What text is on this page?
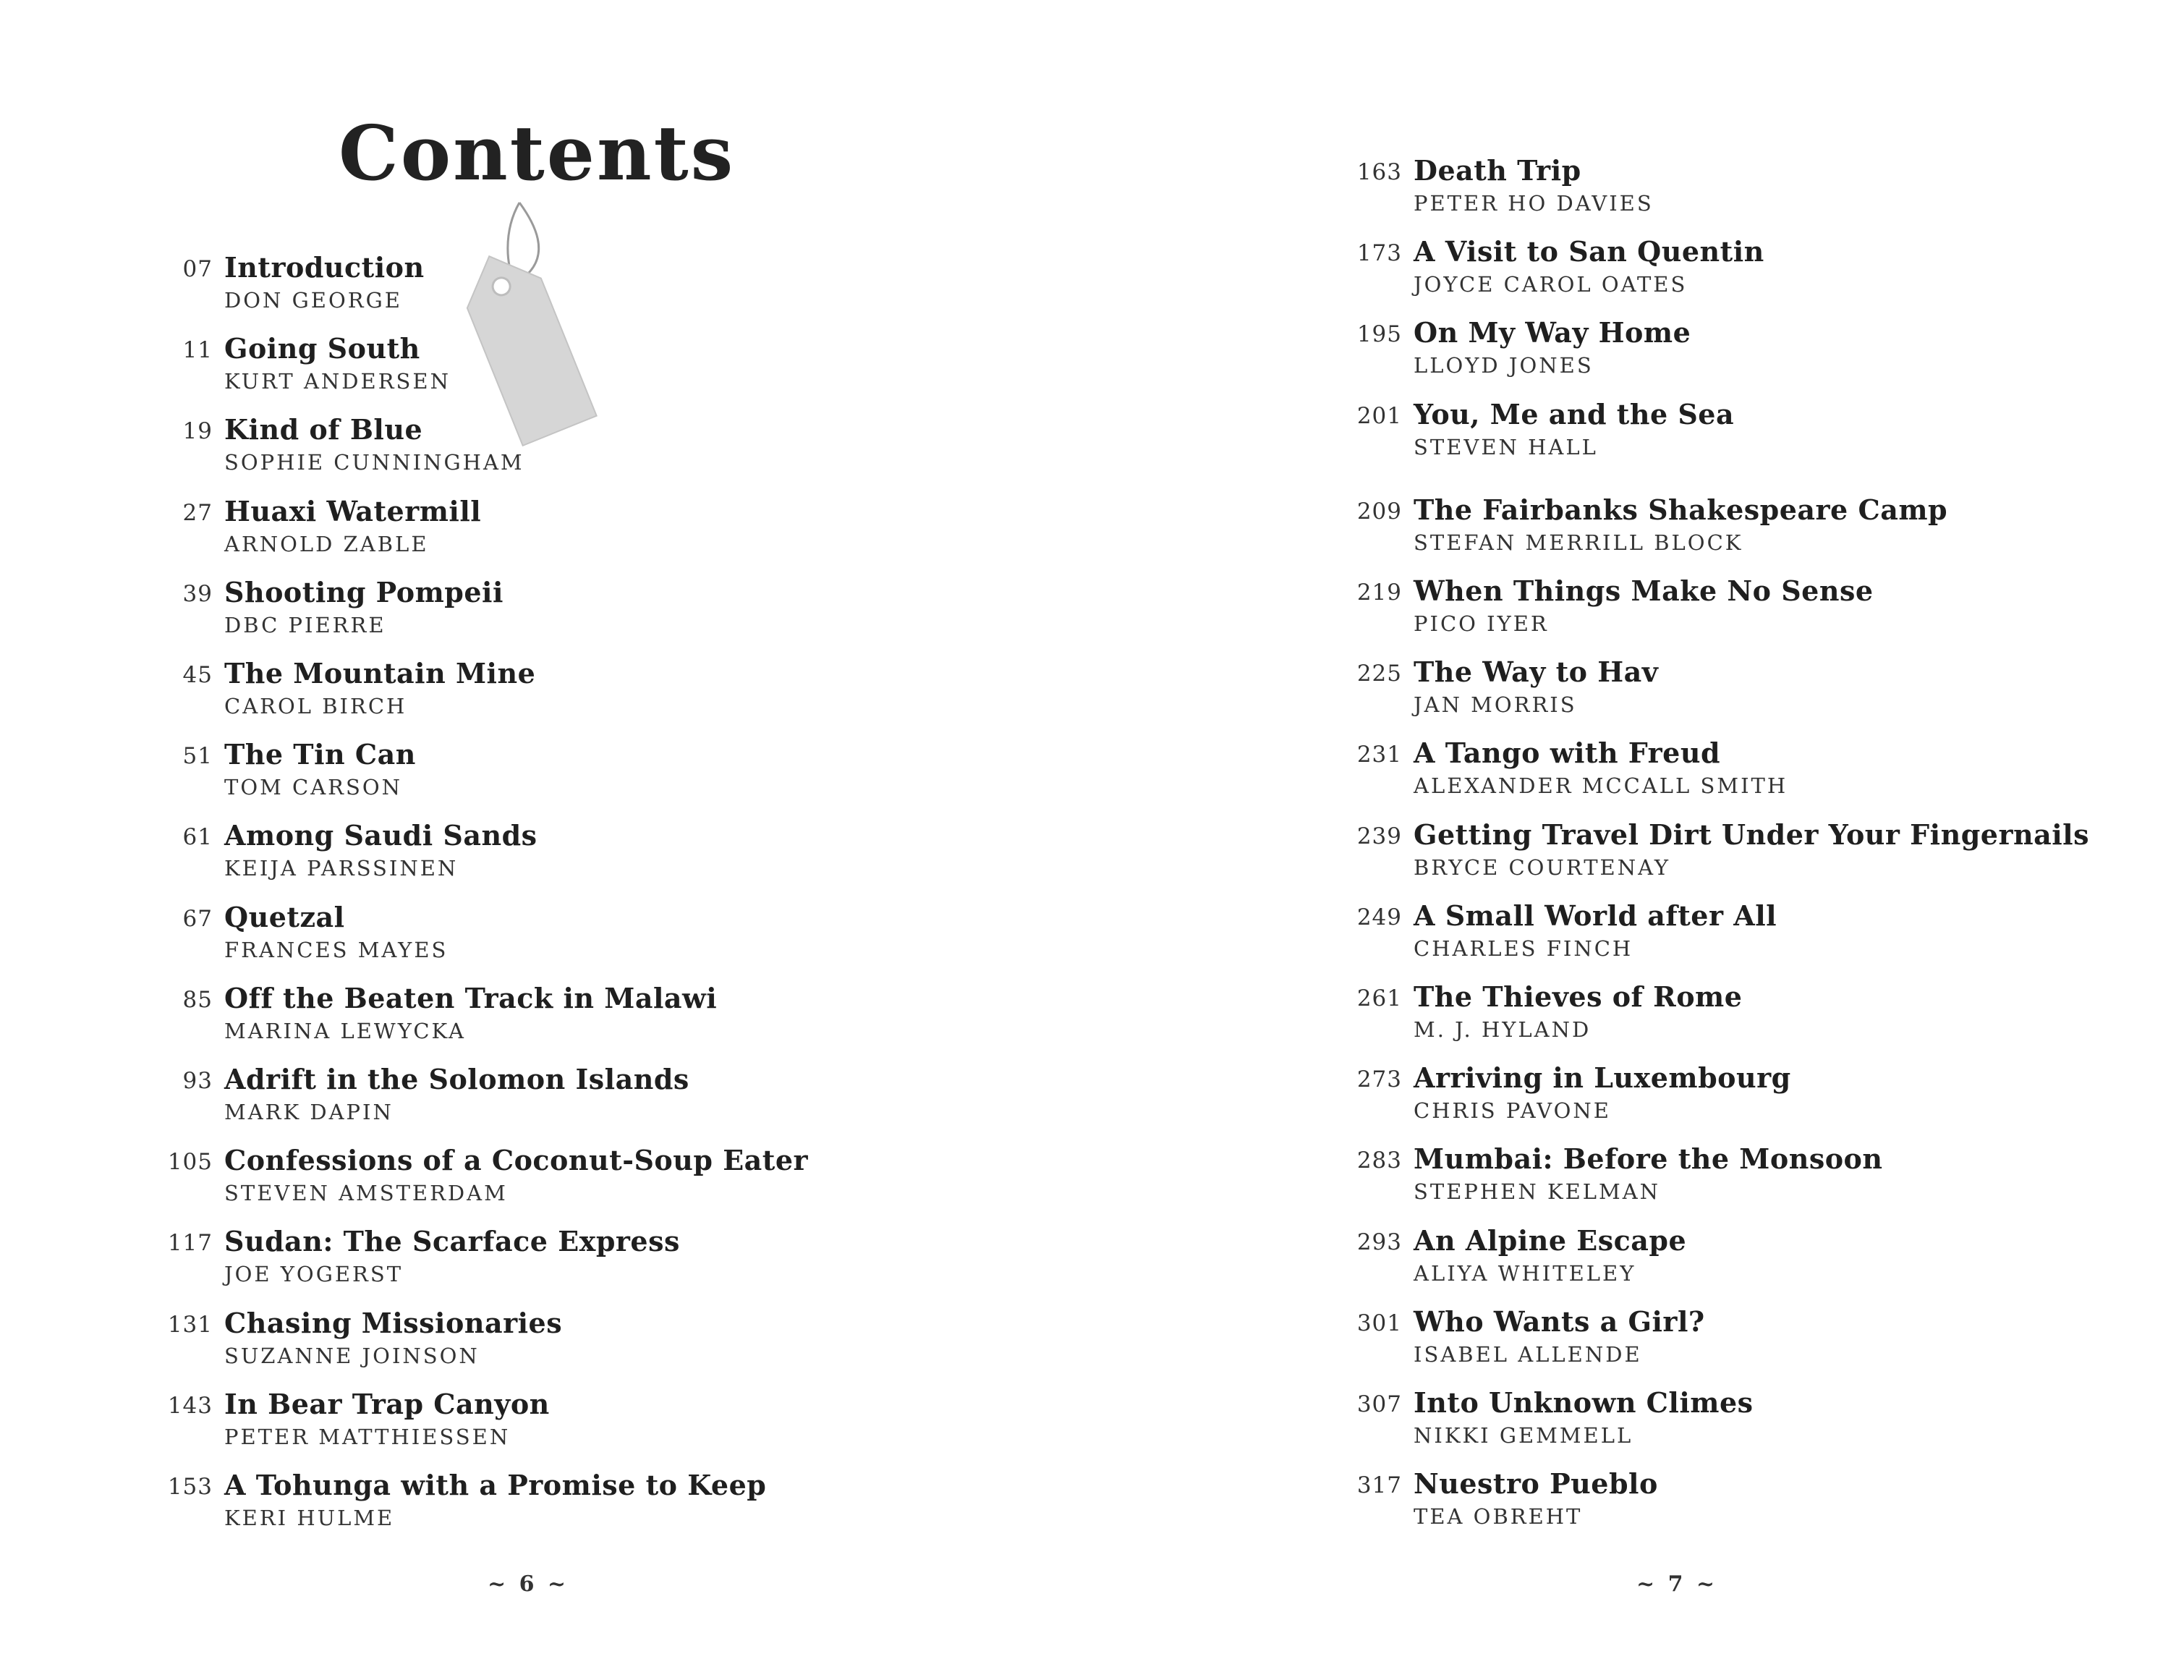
Contents
07 Introduction
DON GEORGE
11 Going South
KURT ANDERSEN
19 Kind of Blue
SOPHIE CUNNINGHAM
27 Huaxi Watermill
ARNOLD ZABLE
39 Shooting Pompeii
DBC PIERRE
45 The Mountain Mine
CAROL BIRCH
51 The Tin Can
TOM CARSON
61 Among Saudi Sands
KEIJA PARSSINEN
67 Quetzal
FRANCES MAYES
85 Off the Beaten Track in Malawi
MARINA LEWYCKA
93 Adrift in the Solomon Islands
MARK DAPIN
105 Confessions of a Coconut-Soup Eater
STEVEN AMSTERDAM
117 Sudan: The Scarface Express
JOE YOGERST
131 Chasing Missionaries
SUZANNE JOINSON
143 In Bear Trap Canyon
PETER MATTHIESSEN
153 A Tohunga with a Promise to Keep
KERI HULME
~ 6 ~	~ 7 ~
163 Death Trip
PETER HO DAVIES
173 A Visit to San Quentin
JOYCE CAROL OATES
195 On My Way Home
LLOYD JONES
201 You, Me and the Sea
STEVEN HALL
209 The Fairbanks Shakespeare Camp
STEFAN MERRILL BLOCK
219 When Things Make No Sense
PICO IYER
225 The Way to Hav
JAN MORRIS
231 A Tango with Freud
ALEXANDER MCCALL SMITH
239 Getting Travel Dirt Under Your Fingernails
BRYCE COURTENAY
249 A Small World after All
CHARLES FINCH
261 The Thieves of Rome
M. J. HYLAND
273 Arriving in Luxembourg
CHRIS PAVONE
283 Mumbai: Before the Monsoon
STEPHEN KELMAN
293 An Alpine Escape
ALIYA WHITELEY
301 Who Wants a Girl?
ISABEL ALLENDE
307 Into Unknown Climes
NIKKI GEMMELL
317 Nuestro Pueblo
TEA OBREHT
